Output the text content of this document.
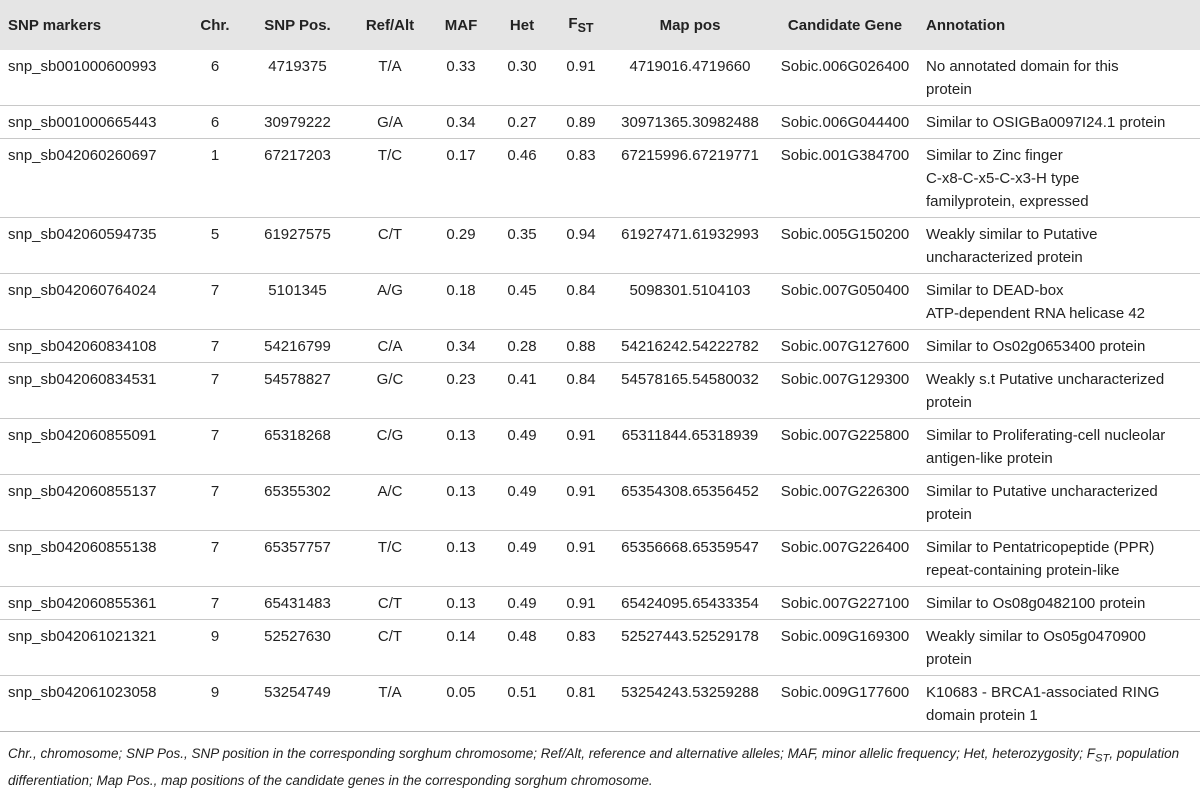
SNP markers	Chr.	SNP Pos.	Ref/Alt	MAF	Het	$F_{ST}$	Map pos	Candidate Gene	Annotation
snp_sb001000600993	6	4719375	T/A	0.33	0.30	0.91	4719016.4719660	Sobic.006G026400	No annotated domain for this
protein

snp_sb001000665443	6	30979222	G/A	0.34	0.27	0.89	30971365.30982488	Sobic.006G044400	Similar to OSIGBa0097I24.1 protein

snp_sb042060260697	1	67217203	T/C	0.17	0.46	0.83	67215996.67219771	Sobic.001G384700	Similar to Zinc finger
C-x8-C-x5-C-x3-H type
familyprotein, expressed

snp_sb042060594735	5	61927575	C/T	0.29	0.35	0.94	61927471.61932993	Sobic.005G150200	Weakly similar to Putative
uncharacterized protein

snp_sb042060764024	7	5101345	A/G	0.18	0.45	0.84	5098301.5104103	Sobic.007G050400	Similar to DEAD-box
ATP-dependent RNA helicase 42

snp_sb042060834108	7	54216799	C/A	0.34	0.28	0.88	54216242.54222782	Sobic.007G127600	Similar to Os02g0653400 protein

snp_sb042060834531	7	54578827	G/C	0.23	0.41	0.84	54578165.54580032	Sobic.007G129300	Weakly s.t Putative uncharacterized
protein

snp_sb042060855091	7	65318268	C/G	0.13	0.49	0.91	65311844.65318939	Sobic.007G225800	Similar to Proliferating-cell nucleolar
antigen-like protein

snp_sb042060855137	7	65355302	A/C	0.13	0.49	0.91	65354308.65356452	Sobic.007G226300	Similar to Putative uncharacterized
protein

snp_sb042060855138	7	65357757	T/C	0.13	0.49	0.91	65356668.65359547	Sobic.007G226400	Similar to Pentatricopeptide (PPR)
repeat-containing protein-like

snp_sb042060855361	7	65431483	C/T	0.13	0.49	0.91	65424095.65433354	Sobic.007G227100	Similar to Os08g0482100 protein

snp_sb042061021321	9	52527630	C/T	0.14	0.48	0.83	52527443.52529178	Sobic.009G169300	Weakly similar to Os05g0470900
protein

snp_sb042061023058	9	53254749	T/A	0.05	0.51	0.81	53254243.53259288	Sobic.009G177600	K10683 - BRCA1-associated RING
domain protein 1
Chr., chromosome; SNP Pos., SNP position in the corresponding sorghum chromosome; Ref/Alt, reference and alternative alleles; MAF, minor allelic frequency; Het, heterozygosity; $F_{ST}$, population differentiation; Map Pos., map positions of the candidate genes in the corresponding sorghum chromosome.
